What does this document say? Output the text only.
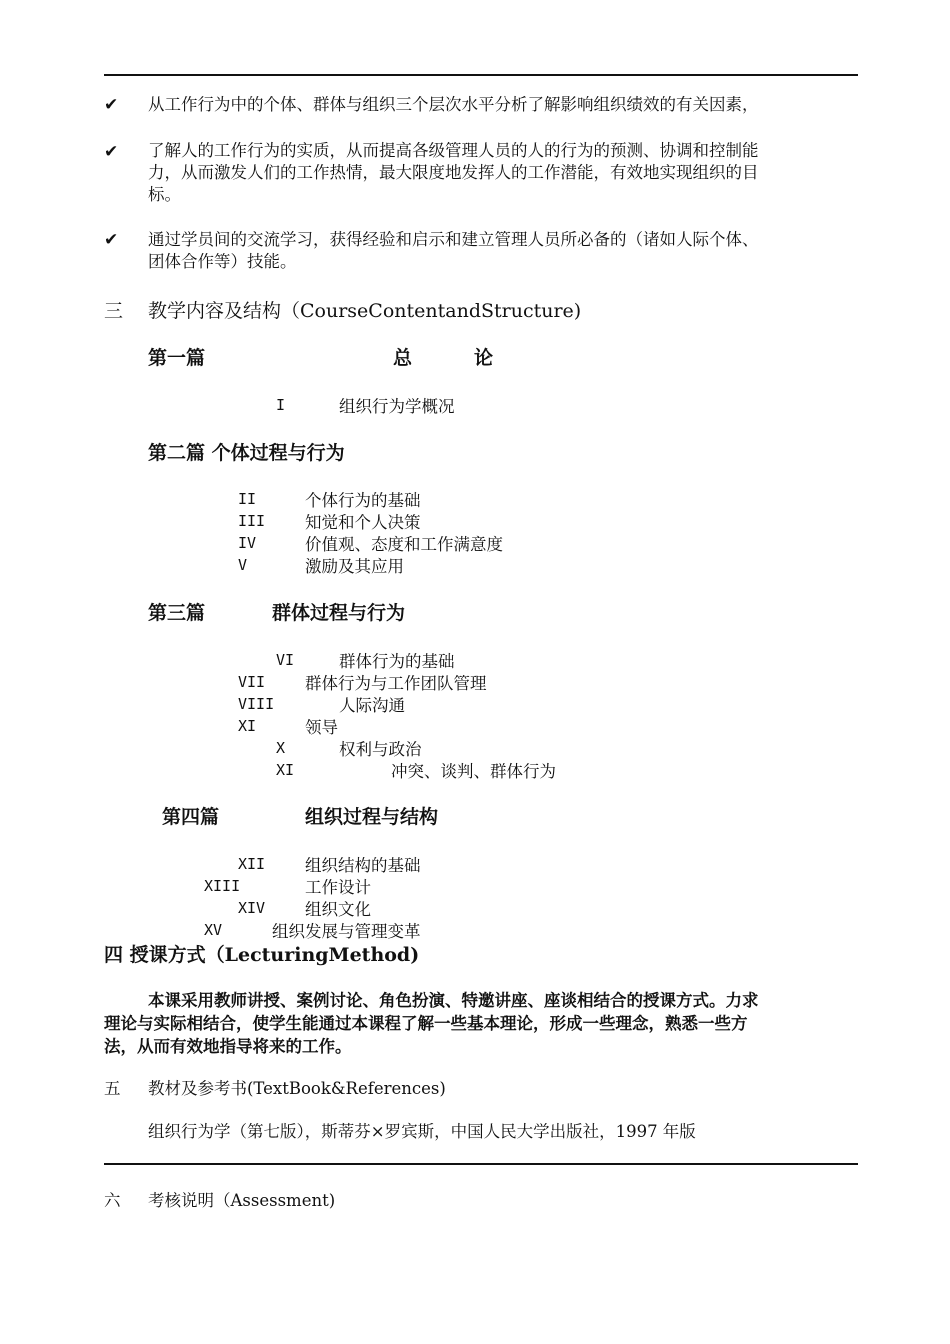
✔ 从工作行为中的个体、群体与组织三个层次水平分析了解影响组织绩效的有关因素，
✔ 了解人的工作行为的实质，从而提高各级管理人员的人的行为的预测、协调和控制能
力，从而激发人们的工作热情，最大限度地发挥人的工作潜能，有效地实现组织的目
标。
✔ 通过学员间的交流学习，获得经验和启示和建立管理人员所必备的（诸如人际个体、
团体合作等）技能。
三 教学内容及结构（CourseContentandStructure)
第一篇	总	论
I	组织行为学概况
第二篇 个体过程与行为
II	个体行为的基础
III 知觉和个人决策
IV	价值观、态度和工作满意度
V	激励及其应用
第三篇	群体过程与行为
VI	群体行为的基础
VII 群体行为与工作团队管理
VIII	人际沟通
XI	领导
X	权利与政治
XI	冲突、谈判、群体行为
第四篇	组织过程与结构
XII 组织结构的基础
XIII	工作设计
XIV 组织文化
XV	组织发展与管理变革
四 授课方式（LecturingMethod)
本课采用教师讲授、案例讨论、角色扮演、特邀讲座、座谈相结合的授课方式。力求
理论与实际相结合，使学生能通过本课程了解一些基本理论，形成一些理念，熟悉一些方
法，从而有效地指导将来的工作。
五 教材及参考书(TextBook&References)
组织行为学（第七版），斯蒂芬×罗宾斯，中国人民大学出版社，1997 年版
六 考核说明（Assessment)
